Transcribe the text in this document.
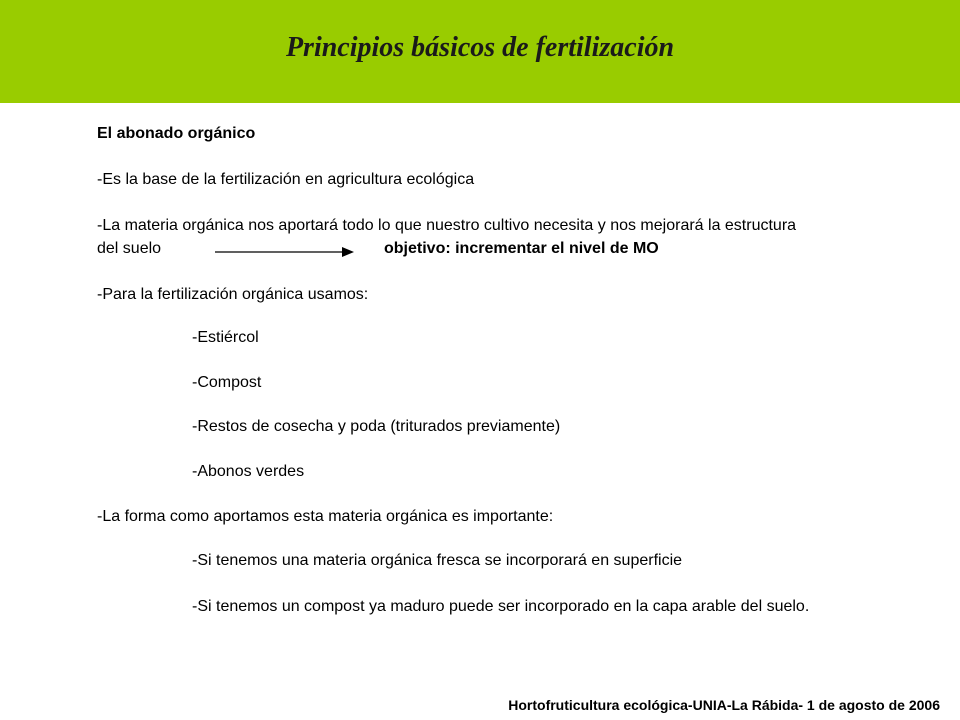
Principios básicos de fertilización
El abonado orgánico
-Es la base de la fertilización en agricultura ecológica
-La materia orgánica nos aportará todo lo que nuestro cultivo necesita y nos mejorará la estructura
del suelo	objetivo: incrementar el nivel de MO
-Para la fertilización orgánica usamos:
-Estiércol
-Compost
-Restos de cosecha y poda (triturados previamente)
-Abonos verdes
-La forma como aportamos esta materia orgánica es importante:
-Si tenemos una materia orgánica fresca se incorporará en superficie
-Si tenemos un compost ya maduro puede ser incorporado en la capa arable del suelo.
Hortofruticultura ecológica-UNIA-La Rábida- 1 de agosto de 2006
